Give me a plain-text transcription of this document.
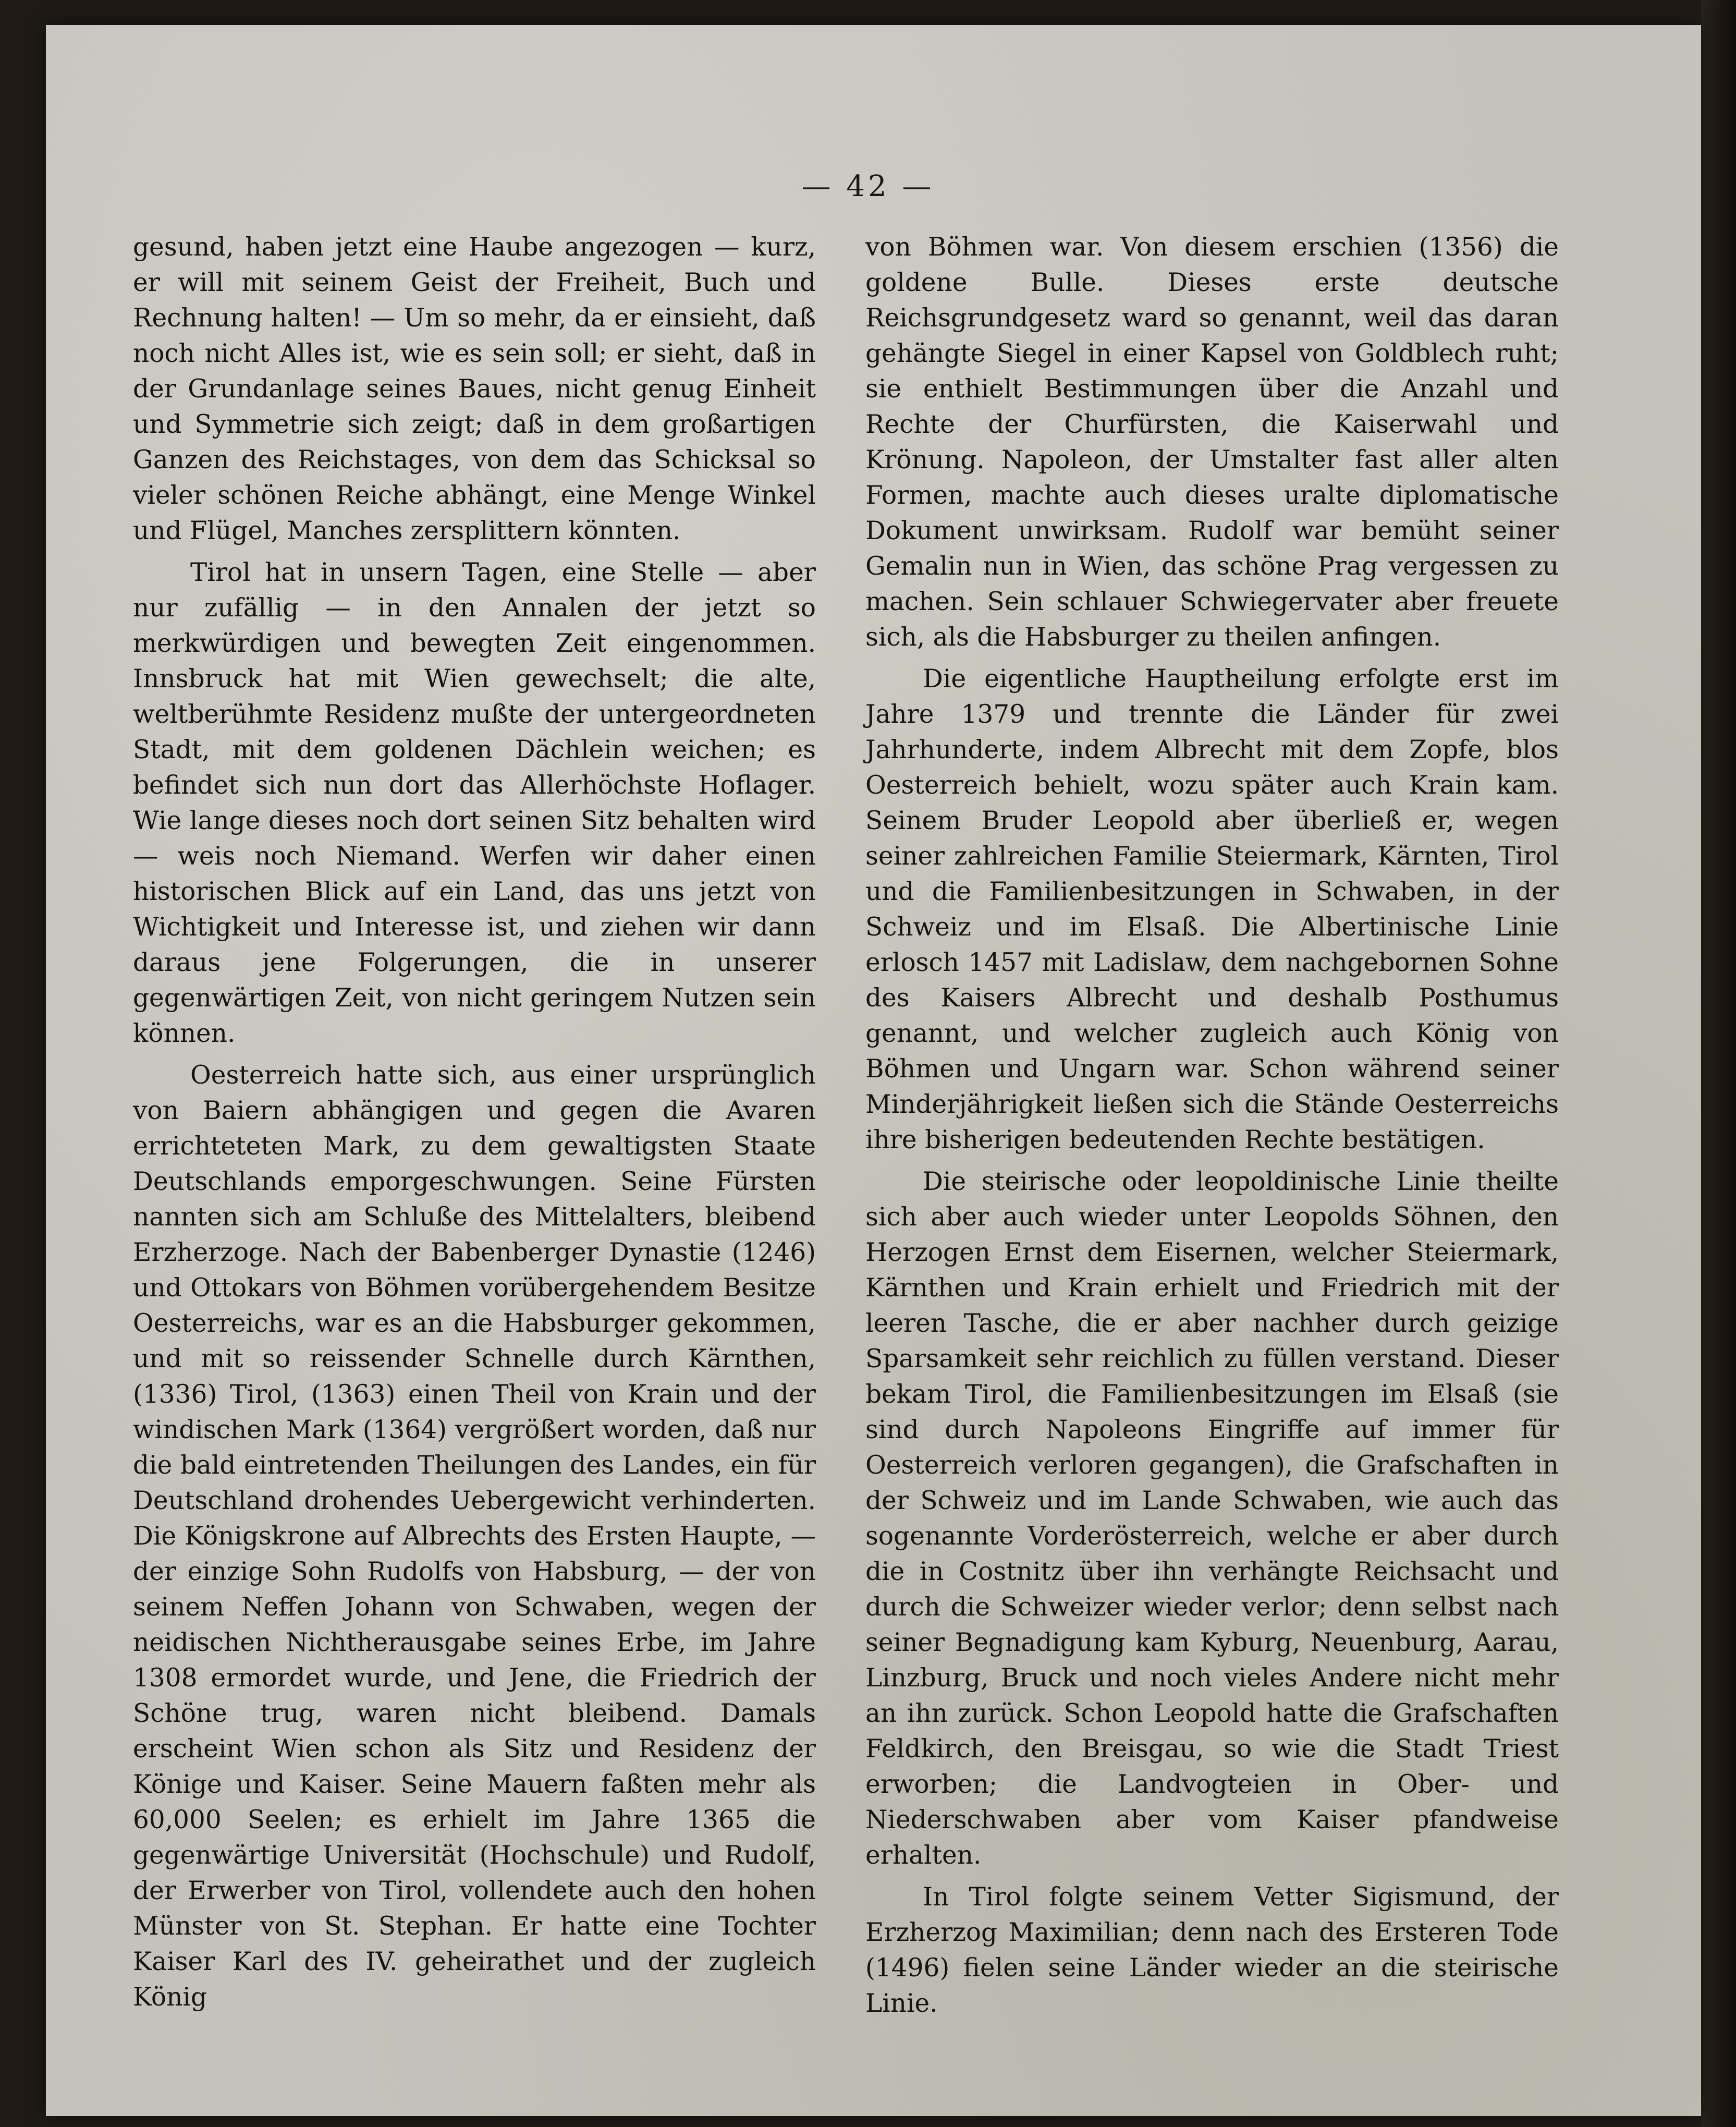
— 42 —

gesund, haben jetzt eine Haube angezogen — kurz, er will mit seinem Geist der Freiheit, Buch und Rechnung halten! — Um so mehr, da er einsieht, daß noch nicht Alles ist, wie es sein soll; er sieht, daß in der Grundanlage seines Baues, nicht genug Einheit und Symmetrie sich zeigt; daß in dem großartigen Ganzen des Reichstages, von dem das Schicksal so vieler schönen Reiche abhängt, eine Menge Winkel und Flügel, Manches zersplittern könnten.

Tirol hat in unsern Tagen, eine Stelle — aber nur zufällig — in den Annalen der jetzt so merkwürdigen und bewegten Zeit eingenommen. Innsbruck hat mit Wien gewechselt; die alte, weltberühmte Residenz mußte der untergeordneten Stadt, mit dem goldenen Dächlein weichen; es befindet sich nun dort das Allerhöchste Hoflager. Wie lange dieses noch dort seinen Sitz behalten wird — weis noch Niemand. Werfen wir daher einen historischen Blick auf ein Land, das uns jetzt von Wichtigkeit und Interesse ist, und ziehen wir dann daraus jene Folgerungen, die in unserer gegenwärtigen Zeit, von nicht geringem Nutzen sein können.

Oesterreich hatte sich, aus einer ursprünglich von Baiern abhängigen und gegen die Avaren errichteteten Mark, zu dem gewaltigsten Staate Deutschlands emporgeschwungen. Seine Fürsten nannten sich am Schluße des Mittelalters, bleibend Erzherzoge. Nach der Babenberger Dynastie (1246) und Ottokars von Böhmen vorübergehendem Besitze Oesterreichs, war es an die Habsburger gekommen, und mit so reissender Schnelle durch Kärnthen, (1336) Tirol, (1363) einen Theil von Krain und der windischen Mark (1364) vergrößert worden, daß nur die bald eintretenden Theilungen des Landes, ein für Deutschland drohendes Uebergewicht verhinderten. Die Königskrone auf Albrechts des Ersten Haupte, — der einzige Sohn Rudolfs von Habsburg, — der von seinem Neffen Johann von Schwaben, wegen der neidischen Nichtherausgabe seines Erbe, im Jahre 1308 ermordet wurde, und Jene, die Friedrich der Schöne trug, waren nicht bleibend. Damals erscheint Wien schon als Sitz und Residenz der Könige und Kaiser. Seine Mauern faßten mehr als 60,000 Seelen; es erhielt im Jahre 1365 die gegenwärtige Universität (Hochschule) und Rudolf, der Erwerber von Tirol, vollendete auch den hohen Münster von St. Stephan. Er hatte eine Tochter Kaiser Karl des IV. geheirathet und der zugleich König

von Böhmen war. Von diesem erschien (1356) die goldene Bulle. Dieses erste deutsche Reichsgrundgesetz ward so genannt, weil das daran gehängte Siegel in einer Kapsel von Goldblech ruht; sie enthielt Bestimmungen über die Anzahl und Rechte der Churfürsten, die Kaiserwahl und Krönung. Napoleon, der Umstalter fast aller alten Formen, machte auch dieses uralte diplomatische Dokument unwirksam. Rudolf war bemüht seiner Gemalin nun in Wien, das schöne Prag vergessen zu machen. Sein schlauer Schwiegervater aber freuete sich, als die Habsburger zu theilen anfingen.

Die eigentliche Hauptheilung erfolgte erst im Jahre 1379 und trennte die Länder für zwei Jahrhunderte, indem Albrecht mit dem Zopfe, blos Oesterreich behielt, wozu später auch Krain kam. Seinem Bruder Leopold aber überließ er, wegen seiner zahlreichen Familie Steiermark, Kärnten, Tirol und die Familienbesitzungen in Schwaben, in der Schweiz und im Elsaß. Die Albertinische Linie erlosch 1457 mit Ladislaw, dem nachgebornen Sohne des Kaisers Albrecht und deshalb Posthumus genannt, und welcher zugleich auch König von Böhmen und Ungarn war. Schon während seiner Minderjährigkeit ließen sich die Stände Oesterreichs ihre bisherigen bedeutenden Rechte bestätigen.

Die steirische oder leopoldinische Linie theilte sich aber auch wieder unter Leopolds Söhnen, den Herzogen Ernst dem Eisernen, welcher Steiermark, Kärnthen und Krain erhielt und Friedrich mit der leeren Tasche, die er aber nachher durch geizige Sparsamkeit sehr reichlich zu füllen verstand. Dieser bekam Tirol, die Familienbesitzungen im Elsaß (sie sind durch Napoleons Eingriffe auf immer für Oesterreich verloren gegangen), die Grafschaften in der Schweiz und im Lande Schwaben, wie auch das sogenannte Vorderösterreich, welche er aber durch die in Costnitz über ihn verhängte Reichsacht und durch die Schweizer wieder verlor; denn selbst nach seiner Begnadigung kam Kyburg, Neuenburg, Aarau, Linzburg, Bruck und noch vieles Andere nicht mehr an ihn zurück. Schon Leopold hatte die Grafschaften Feldkirch, den Breisgau, so wie die Stadt Triest erworben; die Landvogteien in Ober- und Niederschwaben aber vom Kaiser pfandweise erhalten.

In Tirol folgte seinem Vetter Sigismund, der Erzherzog Maximilian; denn nach des Ersteren Tode (1496) fielen seine Länder wieder an die steirische Linie.
